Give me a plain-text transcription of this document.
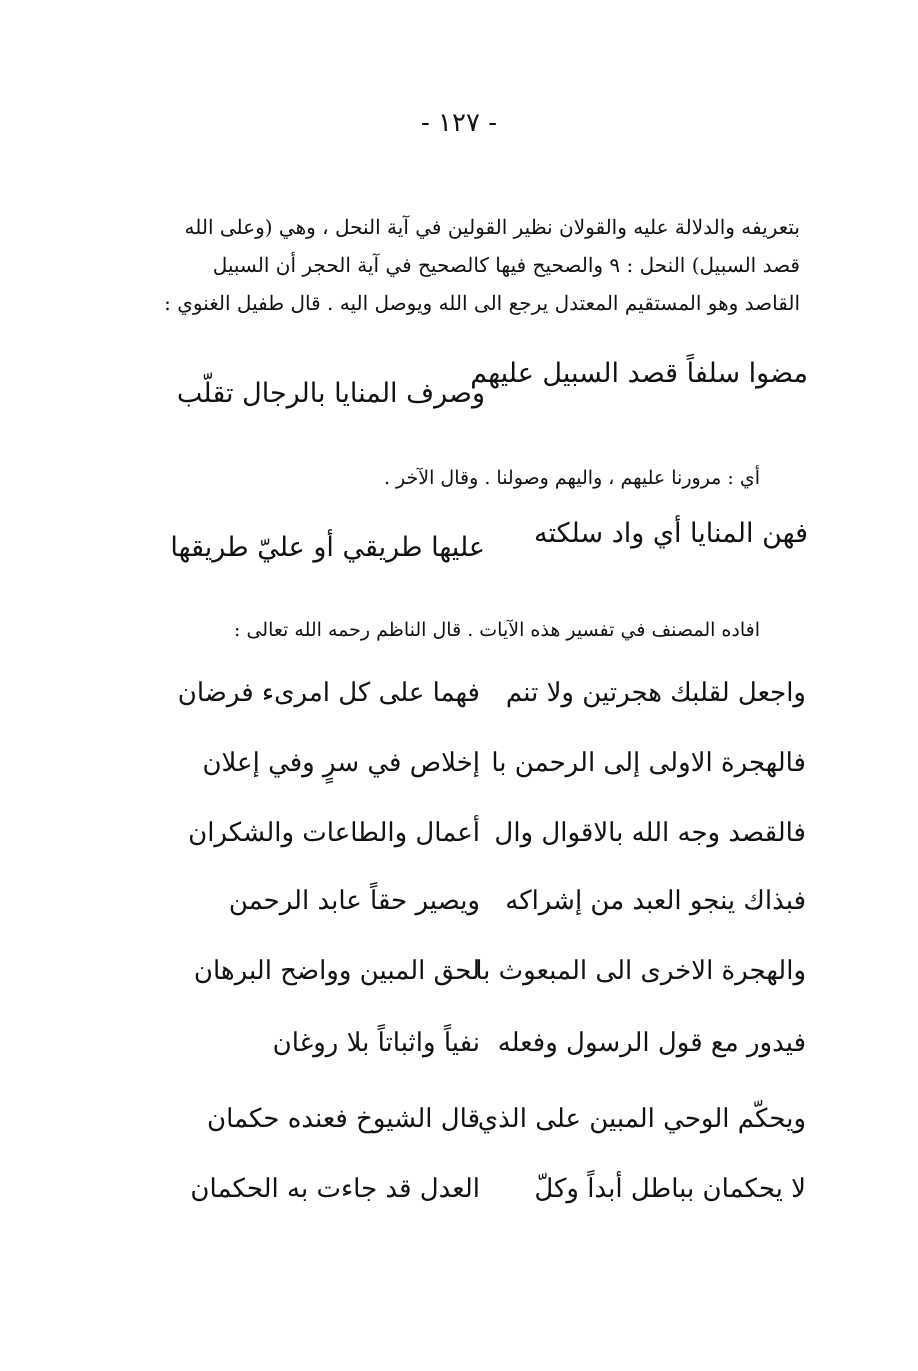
- ١٢٧ -

بتعريفه والدلالة عليه والقولان نظير القولين في آية النحل ، وهي (وعلى الله قصد السبيل) النحل : ٩ والصحيح فيها كالصحيح في آية الحجر أن السبيل القاصد وهو المستقيم المعتدل يرجع الى الله ويوصل اليه . قال طفيل الغنوي :

مضوا سلفاً قصد السبيل عليهم
وصرف المنايا بالرجال تقلّب

أي : مرورنا عليهم ، واليهم وصولنا . وقال الآخر .

فهن المنايا أي واد سلكته
عليها طريقي أو عليّ طريقها

افاده المصنف في تفسير هذه الآيات . قال الناظم رحمه الله تعالى :

واجعل لقلبك هجرتين ولا تنم
فهما على كل امرىء فرضان
فالهجرة الاولى إلى الرحمن با
إخلاص في سرٍ وفي إعلان
فالقصد وجه الله بالاقوال وال
أعمال والطاعات والشكران
فبذاك ينجو العبد من إشراكه
ويصير حقاً عابد الرحمن
والهجرة الاخرى الى المبعوث با
لحق المبين وواضح البرهان
فيدور مع قول الرسول وفعله
نفياً واثباتاً بلا روغان
ويحكّم الوحي المبين على الذي
قال الشيوخ فعنده حكمان
لا يحكمان بباطل أبداً وكلّ
العدل قد جاءت به الحكمان
